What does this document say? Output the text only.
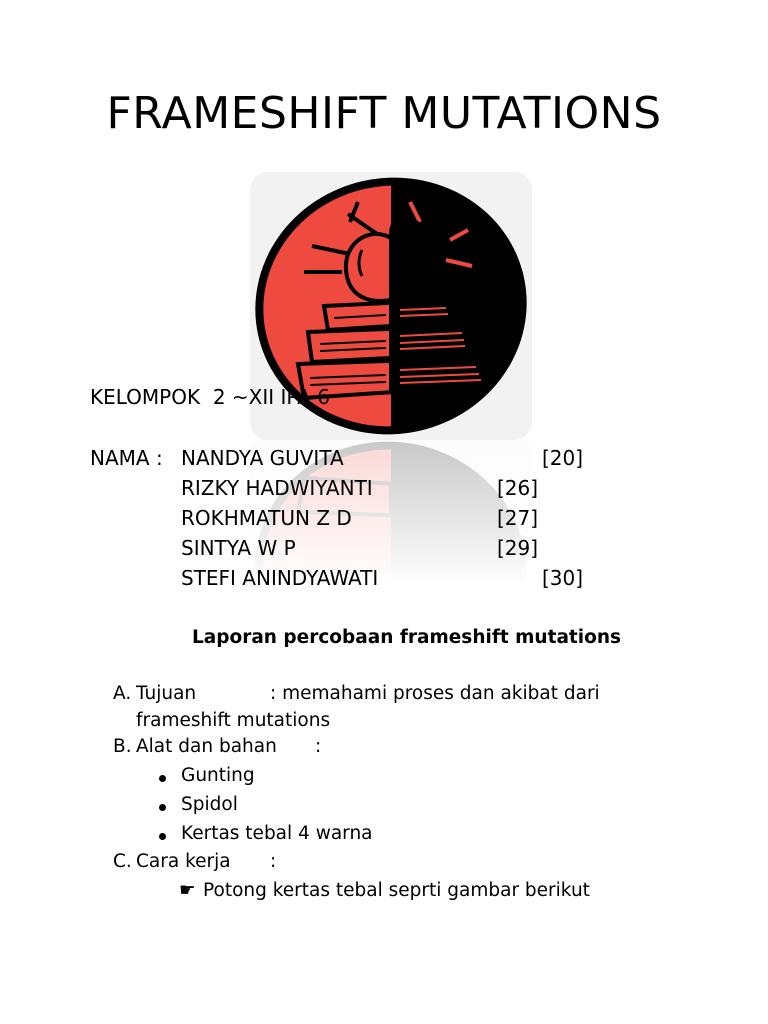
FRAMESHIFT MUTATIONS
KELOMPOK  2 ~XII IPA 6
NAMA : NANDYA GUVITA	[20]
RIZKY HADWIYANTI	[26]
ROKHMATUN Z D	[27]
SINTYA W P	[29]
STEFI ANINDYAWATI	[30]
Laporan percobaan frameshift mutations
A. Tujuan	: memahami proses dan akibat dari
frameshift mutations
B. Alat dan bahan :
Gunting
Spidol
Kertas tebal 4 warna
C. Cara kerja :
☛ Potong kertas tebal seprti gambar berikut
